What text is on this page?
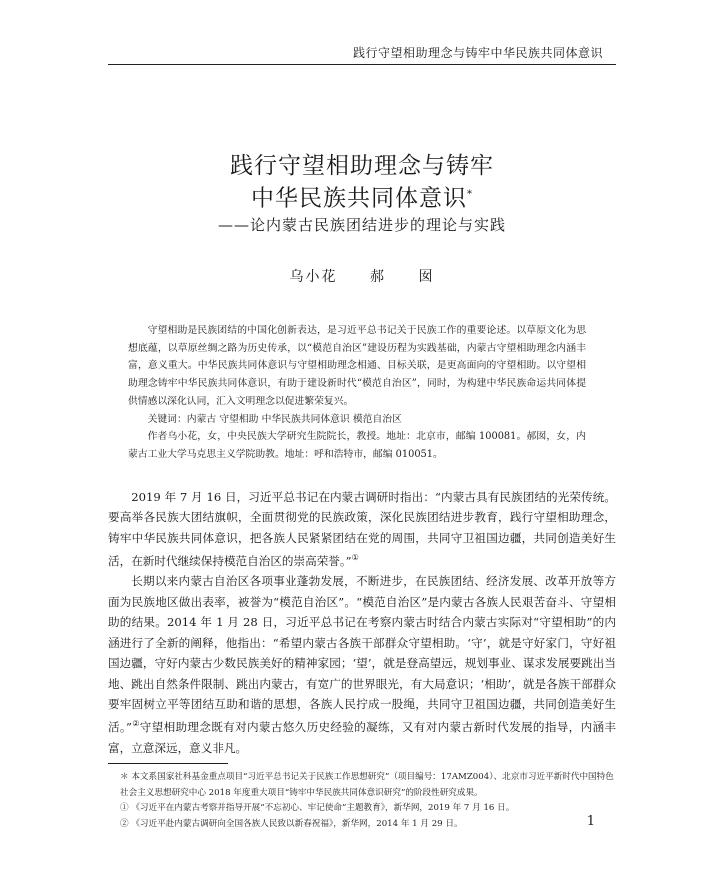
践行守望相助理念与铸牢中华民族共同体意识
践行守望相助理念与铸牢
中华民族共同体意识*
——论内蒙古民族团结进步的理论与实践
乌小花 郝 囡

守望相助是民族团结的中国化创新表达，是习近平总书记关于民族工作的重要论述。以草原文化为思想底蕴，以草原丝绸之路为历史传承，以“模范自治区”建设历程为实践基础，内蒙古守望相助理念内涵丰富，意义重大。中华民族共同体意识与守望相助理念相通、目标关联，是更高面向的守望相助。以守望相助理念铸牢中华民族共同体意识，有助于建设新时代“模范自治区”，同时，为构建中华民族命运共同体提供情感以深化认同，汇入文明理念以促进繁荣复兴。

关键词：内蒙古 守望相助 中华民族共同体意识 模范自治区

作者乌小花，女，中央民族大学研究生院院长，教授。地址：北京市，邮编 100081。郝囡，女，内蒙古工业大学马克思主义学院助教。地址：呼和浩特市，邮编 010051。

2019 年 7 月 16 日，习近平总书记在内蒙古调研时指出：“内蒙古具有民族团结的光荣传统。要高举各民族大团结旗帜，全面贯彻党的民族政策，深化民族团结进步教育，践行守望相助理念，铸牢中华民族共同体意识，把各族人民紧紧团结在党的周围，共同守卫祖国边疆，共同创造美好生活，在新时代继续保持模范自治区的崇高荣誉。”①

长期以来内蒙古自治区各项事业蓬勃发展，不断进步，在民族团结、经济发展、改革开放等方面为民族地区做出表率，被誉为“模范自治区”。“模范自治区”是内蒙古各族人民艰苦奋斗、守望相助的结果。2014 年 1 月 28 日，习近平总书记在考察内蒙古时结合内蒙古实际对“守望相助”的内涵进行了全新的阐释，他指出：“希望内蒙古各族干部群众守望相助。‘守’，就是守好家门，守好祖国边疆，守好内蒙古少数民族美好的精神家园；‘望’，就是登高望远，规划事业、谋求发展要跳出当地、跳出自然条件限制、跳出内蒙古，有宽广的世界眼光，有大局意识；‘相助’，就是各族干部群众要牢固树立平等团结互助和谐的思想，各族人民拧成一股绳，共同守卫祖国边疆，共同创造美好生活。”②守望相助理念既有对内蒙古悠久历史经验的凝练，又有对内蒙古新时代发展的指导，内涵丰富，立意深远，意义非凡。

＊ 本文系国家社科基金重点项目“习近平总书记关于民族工作思想研究”（项目编号：17AMZ004）、北京市习近平新时代中国特色社会主义思想研究中心 2018 年度重大项目“铸牢中华民族共同体意识研究”的阶段性研究成果。

① 《习近平在内蒙古考察并指导开展“不忘初心、牢记使命”主题教育》，新华网，2019 年 7 月 16 日。

② 《习近平赴内蒙古调研向全国各族人民致以新春祝福》，新华网，2014 年 1 月 29 日。	1
